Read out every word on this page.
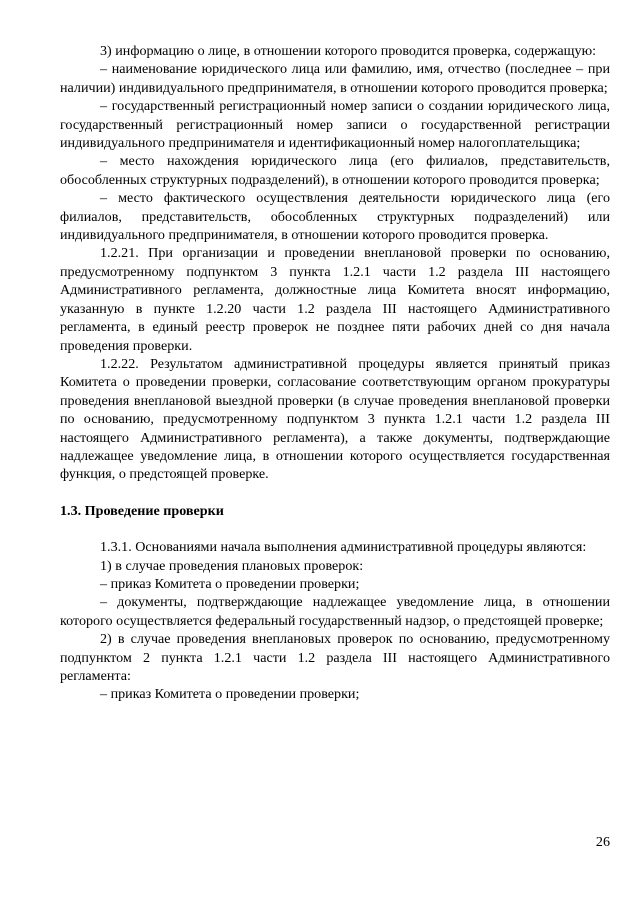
3) информацию о лице, в отношении которого проводится проверка, содержащую:

– наименование юридического лица или фамилию, имя, отчество (последнее – при наличии) индивидуального предпринимателя, в отношении которого проводится проверка;

– государственный регистрационный номер записи о создании юридического лица, государственный регистрационный номер записи о государственной регистрации индивидуального предпринимателя и идентификационный номер налогоплательщика;

– место нахождения юридического лица (его филиалов, представительств, обособленных структурных подразделений), в отношении которого проводится проверка;

– место фактического осуществления деятельности юридического лица (его филиалов, представительств, обособленных структурных подразделений) или индивидуального предпринимателя, в отношении которого проводится проверка.

1.2.21. При организации и проведении внеплановой проверки по основанию, предусмотренному подпунктом 3 пункта 1.2.1 части 1.2 раздела III настоящего Административного регламента, должностные лица Комитета вносят информацию, указанную в пункте 1.2.20 части 1.2 раздела III настоящего Административного регламента, в единый реестр проверок не позднее пяти рабочих дней со дня начала проведения проверки.

1.2.22. Результатом административной процедуры является принятый приказ Комитета о проведении проверки, согласование соответствующим органом прокуратуры проведения внеплановой выездной проверки (в случае проведения внеплановой проверки по основанию, предусмотренному подпунктом 3 пункта 1.2.1 части 1.2 раздела III настоящего Административного регламента), а также документы, подтверждающие надлежащее уведомление лица, в отношении которого осуществляется государственная функция, о предстоящей проверке.

1.3. Проведение проверки

1.3.1. Основаниями начала выполнения административной процедуры являются:

1) в случае проведения плановых проверок:

– приказ Комитета о проведении проверки;

– документы, подтверждающие надлежащее уведомление лица, в отношении которого осуществляется федеральный государственный надзор, о предстоящей проверке;

2) в случае проведения внеплановых проверок по основанию, предусмотренному подпунктом 2 пункта 1.2.1 части 1.2 раздела III настоящего Административного регламента:

– приказ Комитета о проведении проверки;

26
